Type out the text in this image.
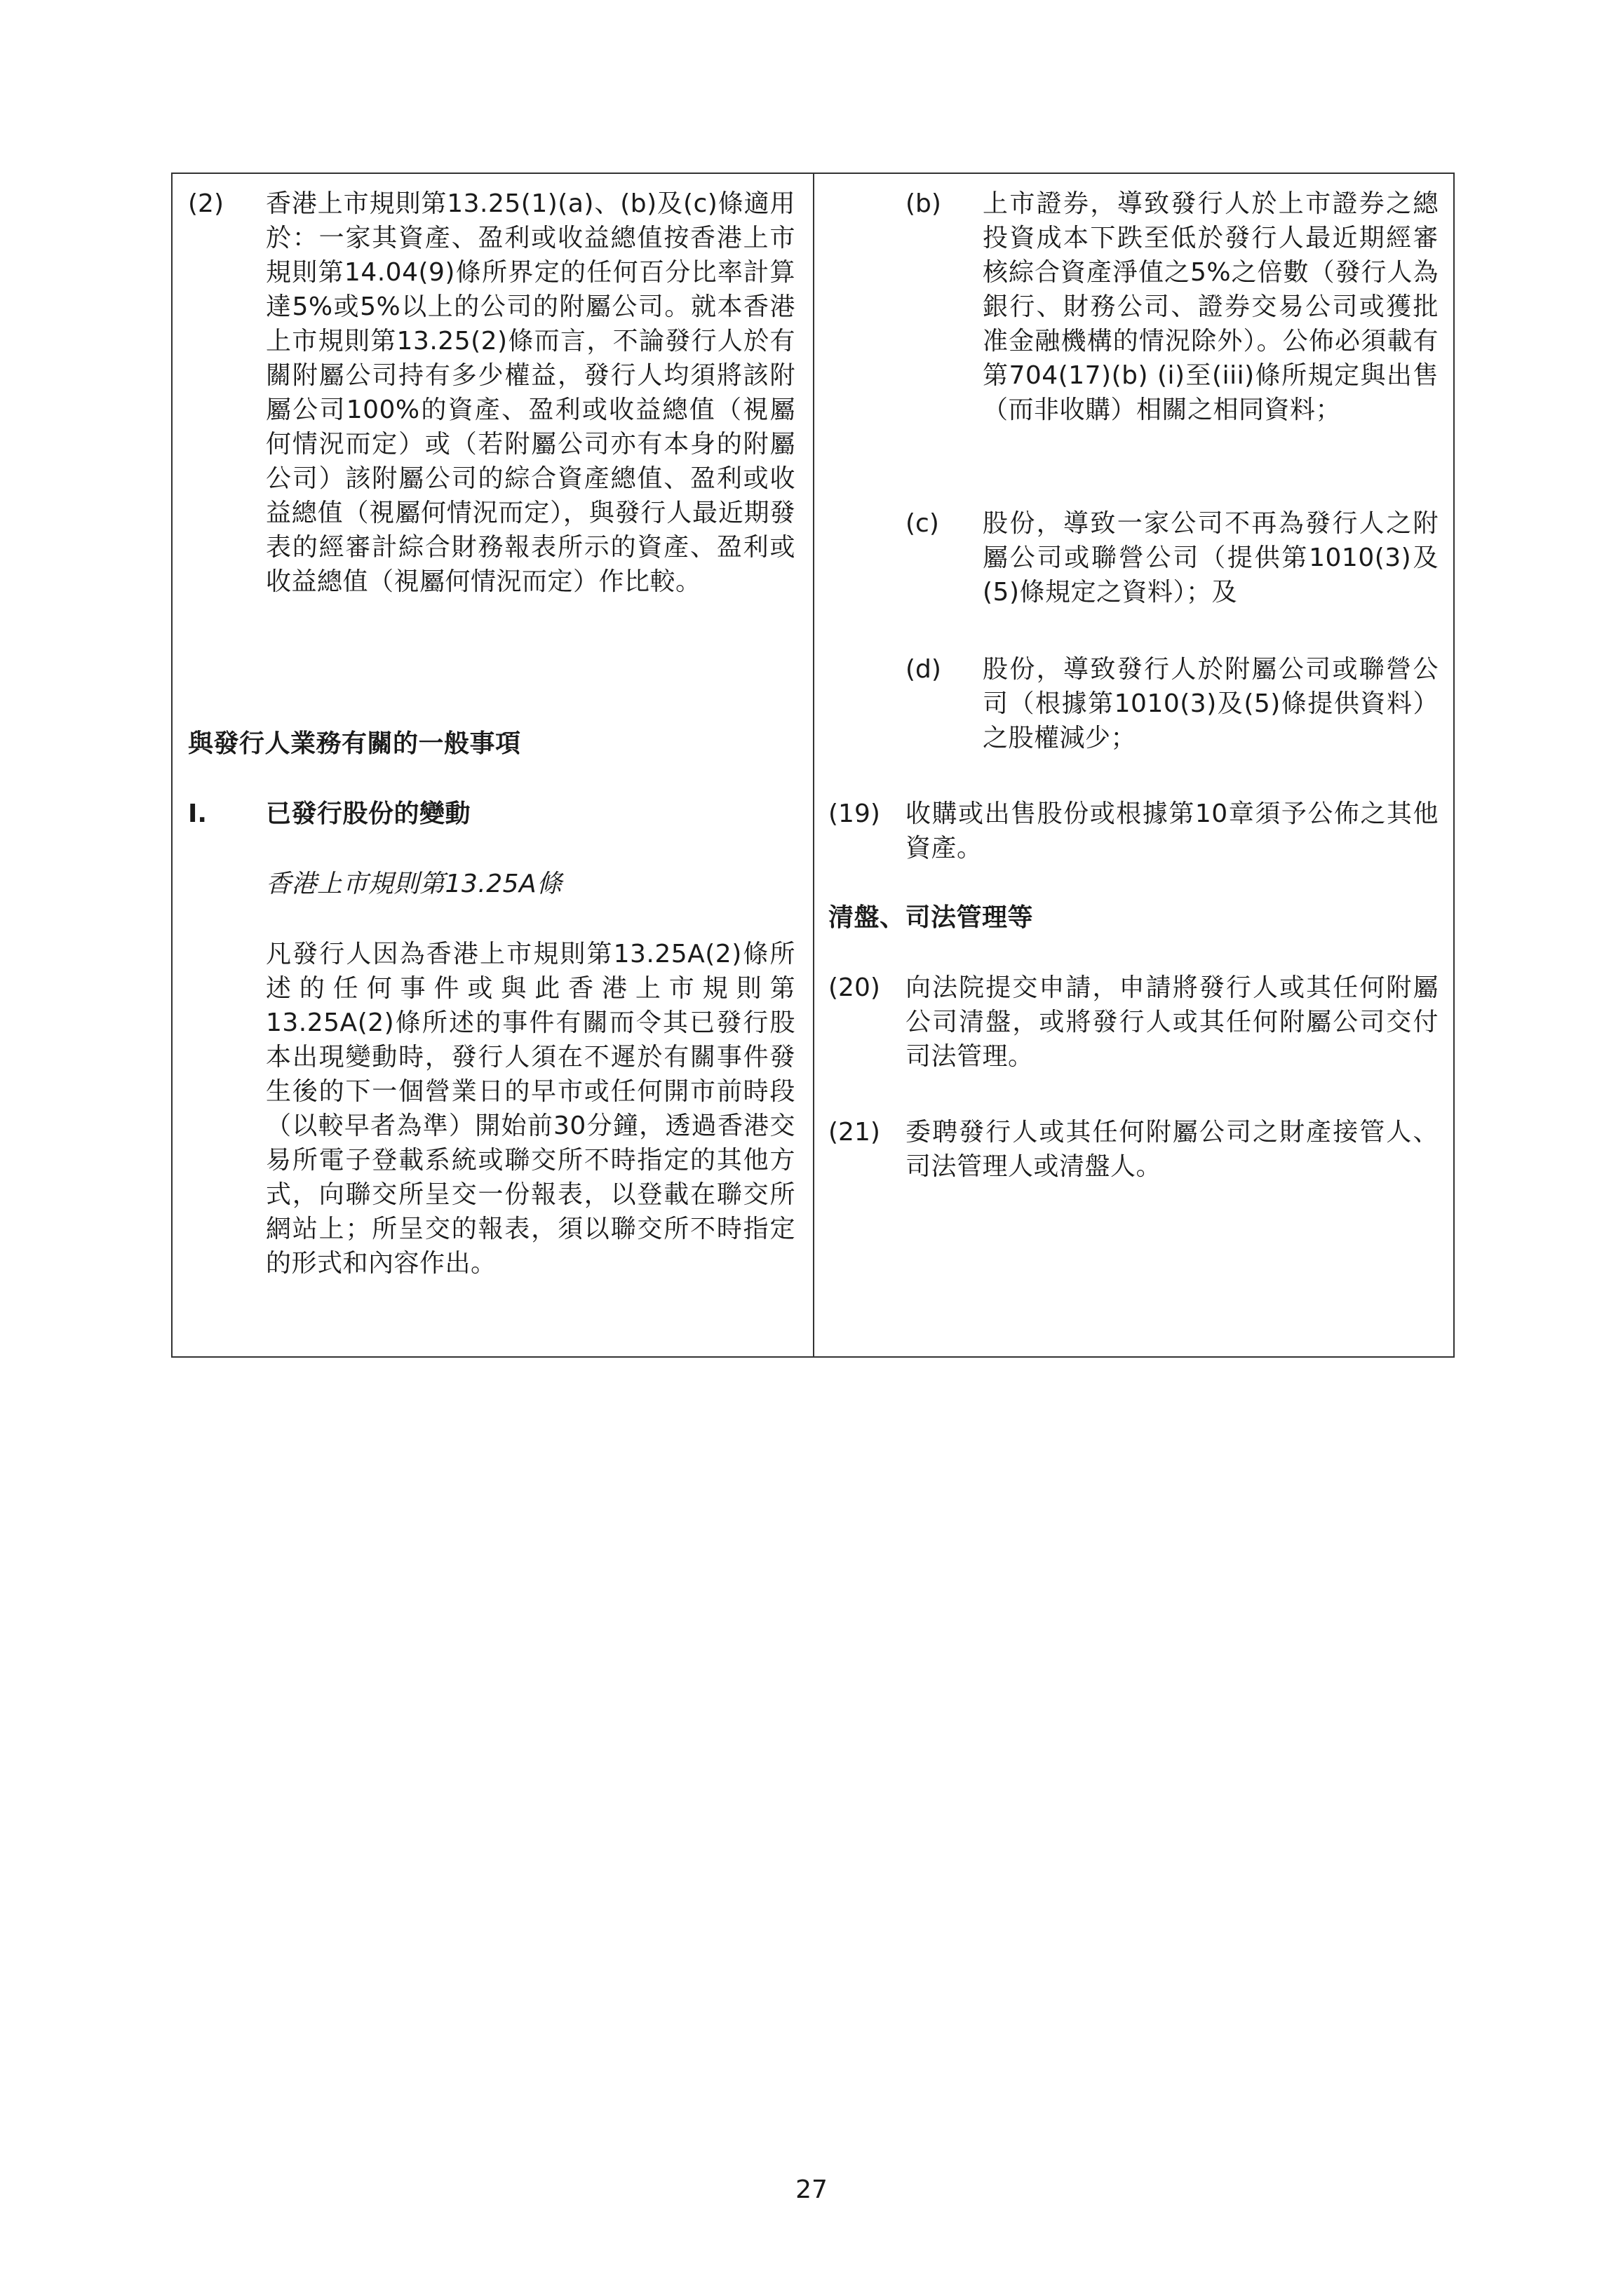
(2) 香港上市規則第13.25(1)(a)、(b)及(c)條適用於：一家其資產、盈利或收益總值按香港上市規則第14.04(9)條所界定的任何百分比率計算達5%或5%以上的公司的附屬公司。就本香港上市規則第13.25(2)條而言，不論發行人於有關附屬公司持有多少權益，發行人均須將該附屬公司100%的資產、盈利或收益總值（視屬何情況而定）或（若附屬公司亦有本身的附屬公司）該附屬公司的綜合資產總值、盈利或收益總值（視屬何情況而定），與發行人最近期發表的經審計綜合財務報表所示的資產、盈利或收益總值（視屬何情況而定）作比較。

與發行人業務有關的一般事項

I. 已發行股份的變動

香港上市規則第13.25A條

凡發行人因為香港上市規則第13.25A(2)條所述的任何事件或與此香港上市規則第13.25A(2)條所述的事件有關而令其已發行股本出現變動時，發行人須在不遲於有關事件發生後的下一個營業日的早市或任何開市前時段（以較早者為準）開始前30分鐘，透過香港交易所電子登載系統或聯交所不時指定的其他方式，向聯交所呈交一份報表，以登載在聯交所網站上；所呈交的報表，須以聯交所不時指定的形式和內容作出。

(b) 上市證券，導致發行人於上市證券之總投資成本下跌至低於發行人最近期經審核綜合資產淨值之5%之倍數（發行人為銀行、財務公司、證券交易公司或獲批准金融機構的情況除外）。公佈必須載有第704(17)(b) (i)至(iii)條所規定與出售（而非收購）相關之相同資料；

(c) 股份，導致一家公司不再為發行人之附屬公司或聯營公司（提供第1010(3)及(5)條規定之資料）；及

(d) 股份，導致發行人於附屬公司或聯營公司（根據第1010(3)及(5)條提供資料）之股權減少；

(19) 收購或出售股份或根據第10章須予公佈之其他資產。

清盤、司法管理等

(20) 向法院提交申請，申請將發行人或其任何附屬公司清盤，或將發行人或其任何附屬公司交付司法管理。

(21) 委聘發行人或其任何附屬公司之財產接管人、司法管理人或清盤人。

27
